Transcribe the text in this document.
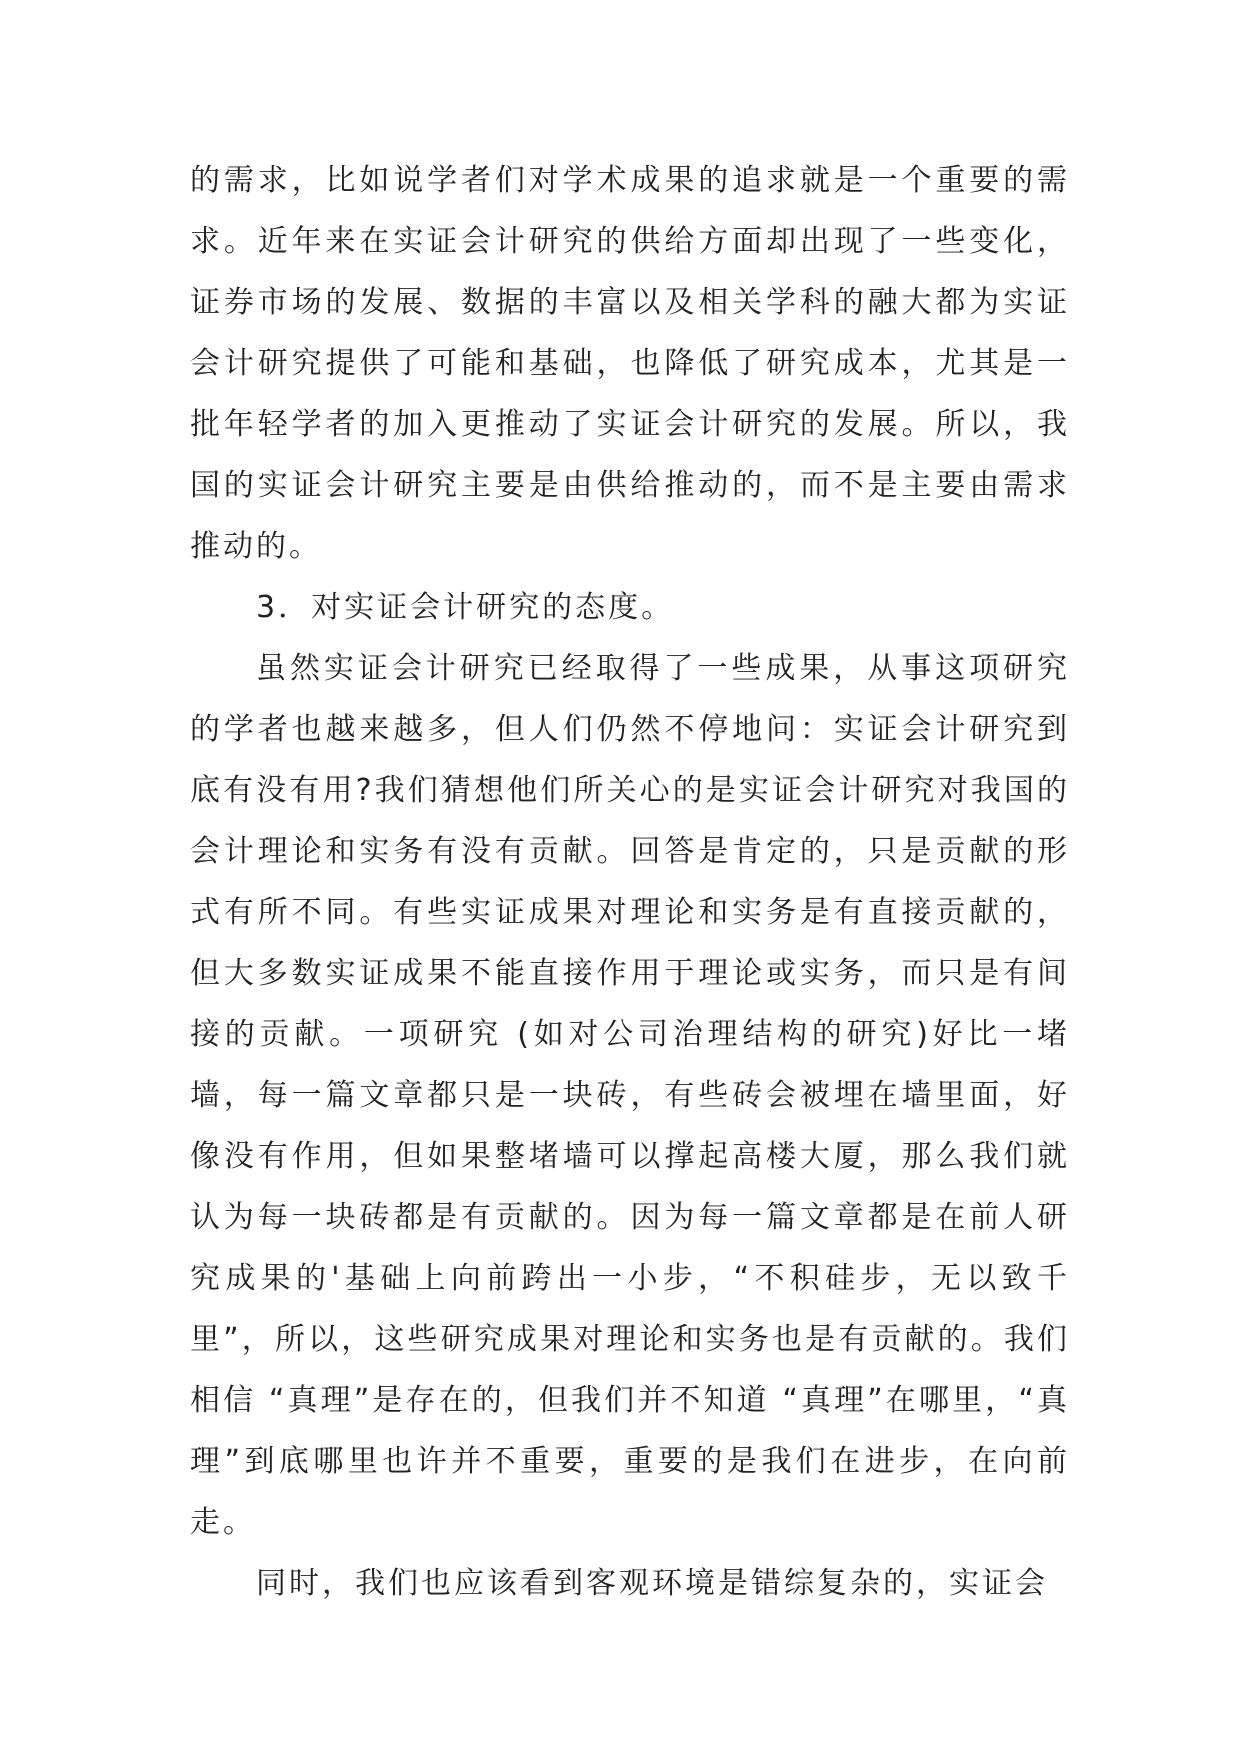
的需求，比如说学者们对学术成果的追求就是一个重要的需求。近年来在实证会计研究的供给方面却出现了一些变化，证券市场的发展、数据的丰富以及相关学科的融大都为实证会计研究提供了可能和基础，也降低了研究成本，尤其是一批年轻学者的加入更推动了实证会计研究的发展。所以，我国的实证会计研究主要是由供给推动的，而不是主要由需求推动的。

3．对实证会计研究的态度。

虽然实证会计研究已经取得了一些成果，从事这项研究的学者也越来越多，但人们仍然不停地问：实证会计研究到底有没有用?我们猜想他们所关心的是实证会计研究对我国的会计理论和实务有没有贡献。回答是肯定的，只是贡献的形式有所不同。有些实证成果对理论和实务是有直接贡献的，但大多数实证成果不能直接作用于理论或实务，而只是有间接的贡献。一项研究 (如对公司治理结构的研究)好比一堵墙，每一篇文章都只是一块砖，有些砖会被埋在墙里面，好像没有作用，但如果整堵墙可以撑起高楼大厦，那么我们就认为每一块砖都是有贡献的。因为每一篇文章都是在前人研究成果的'基础上向前跨出一小步，“不积硅步，无以致千里”，所以，这些研究成果对理论和实务也是有贡献的。我们相信 “真理”是存在的，但我们并不知道 “真理”在哪里，“真理”到底哪里也许并不重要，重要的是我们在进步，在向前走。

同时，我们也应该看到客观环境是错综复杂的，实证会
